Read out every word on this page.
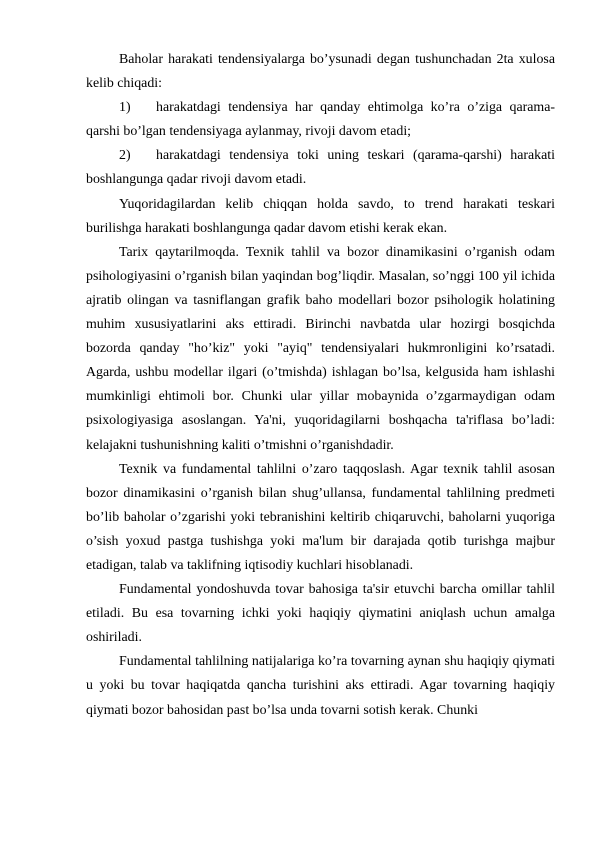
Baholar harakati tendensiyalarga bo’ysunadi degan tushunchadan 2ta xulosa kelib chiqadi:

1) harakatdagi tendensiya har qanday ehtimolga ko’ra o’ziga qarama-qarshi bo’lgan tendensiyaga aylanmay, rivoji davom etadi;

2) harakatdagi tendensiya toki uning teskari (qarama-qarshi) harakati boshlangunga qadar rivoji davom etadi.

Yuqoridagilardan kelib chiqqan holda savdo, to trend harakati teskari burilishga harakati boshlangunga qadar davom etishi kerak ekan.

Tarix qaytarilmoqda. Texnik tahlil va bozor dinamikasini o’rganish odam psihologiyasini o’rganish bilan yaqindan bog’liqdir. Masalan, so’nggi 100 yil ichida ajratib olingan va tasniflangan grafik baho modellari bozor psihologik holatining muhim xususiyatlarini aks ettiradi. Birinchi navbatda ular hozirgi bosqichda bozorda qanday "ho’kiz" yoki "ayiq" tendensiyalari hukmronligini ko’rsatadi. Agarda, ushbu modellar ilgari (o’tmishda) ishlagan bo’lsa, kelgusida ham ishlashi mumkinligi ehtimoli bor. Chunki ular yillar mobaynida o’zgarmaydigan odam psixologiyasiga asoslangan. Ya'ni, yuqoridagilarni boshqacha ta'riflasa bo’ladi: kelajakni tushunishning kaliti o’tmishni o’rganishdadir.

Texnik va fundamental tahlilni o’zaro taqqoslash. Agar texnik tahlil asosan bozor dinamikasini o’rganish bilan shug’ullansa, fundamental tahlilning predmeti bo’lib baholar o’zgarishi yoki tebranishini keltirib chiqaruvchi, baholarni yuqoriga o’sish yoxud pastga tushishga yoki ma'lum bir darajada qotib turishga majbur etadigan, talab va taklifning iqtisodiy kuchlari hisoblanadi.

Fundamental yondoshuvda tovar bahosiga ta'sir etuvchi barcha omillar tahlil etiladi. Bu esa tovarning ichki yoki haqiqiy qiymatini aniqlash uchun amalga oshiriladi.

Fundamental tahlilning natijalariga ko’ra tovarning aynan shu haqiqiy qiymati u yoki bu tovar haqiqatda qancha turishini aks ettiradi. Agar tovarning haqiqiy qiymati bozor bahosidan past bo’lsa unda tovarni sotish kerak. Chunki
